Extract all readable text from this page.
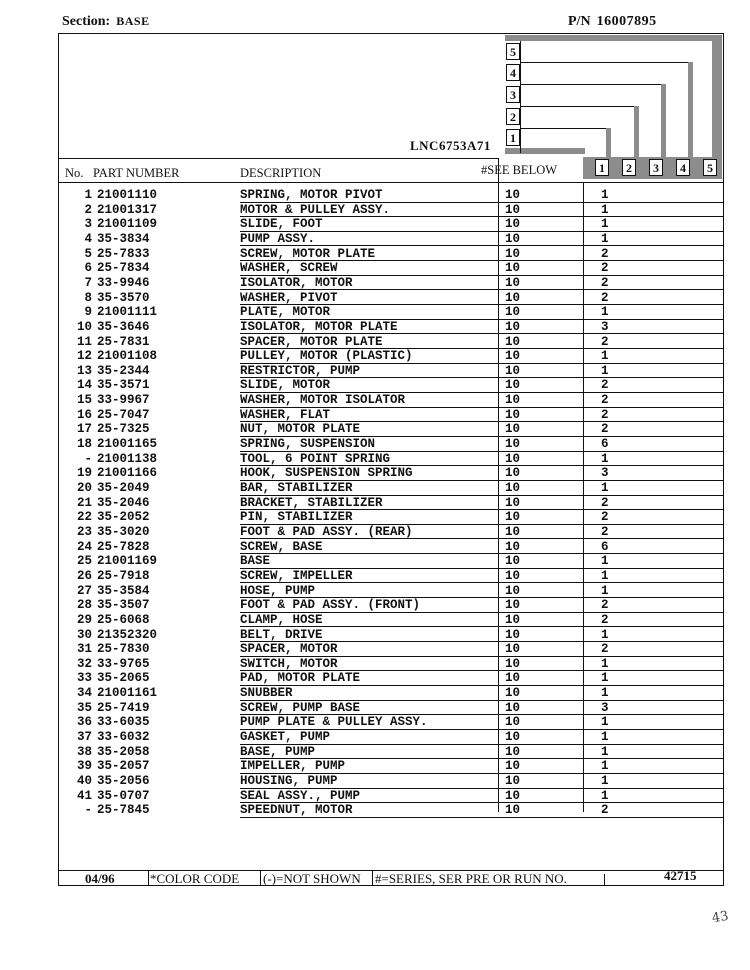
Section: BASE	P/N 16007895
5
4
3
2
1
1	2	3	4	5
LNC6753A71
No. PART NUMBER	DESCRIPTION	#SEE BELOW
1 21001110	SPRING, MOTOR PIVOT	10	1
2 21001317	MOTOR & PULLEY ASSY.	10	1
3 21001109	SLIDE, FOOT	10	1
4 35-3834	PUMP ASSY.	10	1
5 25-7833	SCREW, MOTOR PLATE	10	2
6 25-7834	WASHER, SCREW	10	2
7 33-9946	ISOLATOR, MOTOR	10	2
8 35-3570	WASHER, PIVOT	10	2
9 21001111	PLATE, MOTOR	10	1
10 35-3646	ISOLATOR, MOTOR PLATE	10	3
11 25-7831	SPACER, MOTOR PLATE	10	2
12 21001108	PULLEY, MOTOR (PLASTIC)	10	1
13 35-2344	RESTRICTOR, PUMP	10	1
14 35-3571	SLIDE, MOTOR	10	2
15 33-9967	WASHER, MOTOR ISOLATOR	10	2
16 25-7047	WASHER, FLAT	10	2
17 25-7325	NUT, MOTOR PLATE	10	2
18 21001165	SPRING, SUSPENSION	10	6
- 21001138	TOOL, 6 POINT SPRING	10	1
19 21001166	HOOK, SUSPENSION SPRING	10	3
20 35-2049	BAR, STABILIZER	10	1
21 35-2046	BRACKET, STABILIZER	10	2
22 35-2052	PIN, STABILIZER	10	2
23 35-3020	FOOT & PAD ASSY. (REAR)	10	2
24 25-7828	SCREW, BASE	10	6
25 21001169	BASE	10	1
26 25-7918	SCREW, IMPELLER	10	1
27 35-3584	HOSE, PUMP	10	1
28 35-3507	FOOT & PAD ASSY. (FRONT)	10	2
29 25-6068	CLAMP, HOSE	10	2
30 21352320	BELT, DRIVE	10	1
31 25-7830	SPACER, MOTOR	10	2
32 33-9765	SWITCH, MOTOR	10	1
33 35-2065	PAD, MOTOR PLATE	10	1
34 21001161	SNUBBER	10	1
35 25-7419	SCREW, PUMP BASE	10	3
36 33-6035	PUMP PLATE & PULLEY ASSY.	10	1
37 33-6032	GASKET, PUMP	10	1
38 35-2058	BASE, PUMP	10	1
39 35-2057	IMPELLER, PUMP	10	1
40 35-2056	HOUSING, PUMP	10	1
41 35-0707	SEAL ASSY., PUMP	10	1
- 25-7845	SPEEDNUT, MOTOR	10	2
04/96	*COLOR CODE (-)=NOT SHOWN #=SERIES, SER PRE OR RUN NO.	42715
43
